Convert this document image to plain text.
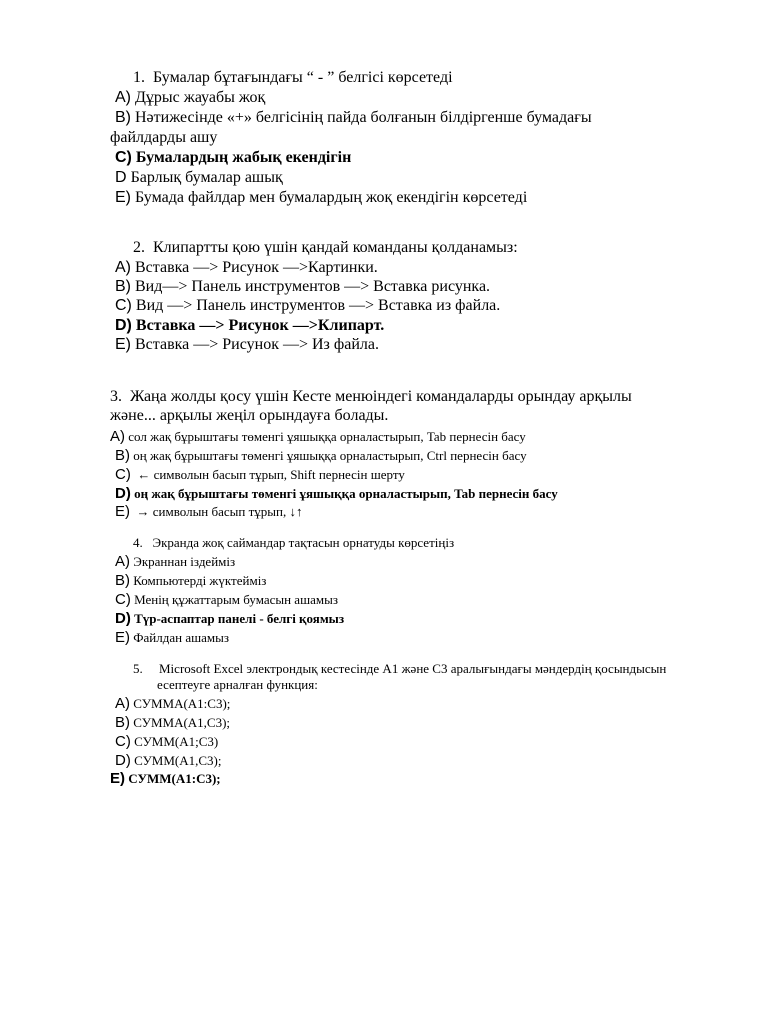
1. Бумалар бұтағындағы “ - ” белгісі көрсетеді
A) Дұрыс жауабы жоқ
B) Нәтижесінде «+» белгісінің пайда болғанын білдіргенше бумадағы
файлдарды ашу
C) Бумалардың жабық екендігін
D Барлық бумалар ашық
E) Бумада файлдар мен бумалардың жоқ екендігін көрсетеді
2. Клипартты қою үшін қандай команданы қолданамыз:
A) Вставка —> Рисунок —>Картинки.
B) Вид—> Панель инструментов —> Вставка рисунка.
C) Вид —> Панель инструментов —> Вставка из файла.
D) Вставка —> Рисунок —>Клипарт.
E) Вставка —> Рисунок —> Из файла.
3. Жаңа жолды қосу үшін Кесте менюіндегі командаларды орындау арқылы
және... арқылы жеңіл орындауға болады.
A) сол жақ бұрыштағы төменгі ұяшыққа орналастырып, Tab пернесін басу
B) оң жақ бұрыштағы төменгі ұяшыққа орналастырып, Ctrl пернесін басу
C) ← символын басып тұрып, Shift пернесін шерту
D) оң жақ бұрыштағы төменгі ұяшыққа орналастырып, Tab пернесін басу
E) → символын басып тұрып, ↓↑
4. Экранда жоқ саймандар тақтасын орнатуды көрсетіңіз
A) Экраннан іздейміз
B) Компьютерді жүктейміз
C) Менің құжаттарым бумасын ашамыз
D) Түр-аспаптар панелі - белгі қоямыз
E) Файлдан ашамыз
5. Microsoft Excel электрондық кестесінде A1 және C3 аралығындағы мәндердің қосындысын
есептеуге арналған функция:
A) СУММА(A1:C3);
B) СУММА(A1,C3);
C) СУММ(A1;C3)
D) СУММ(A1,C3);
E) СУММ(A1:C3);
